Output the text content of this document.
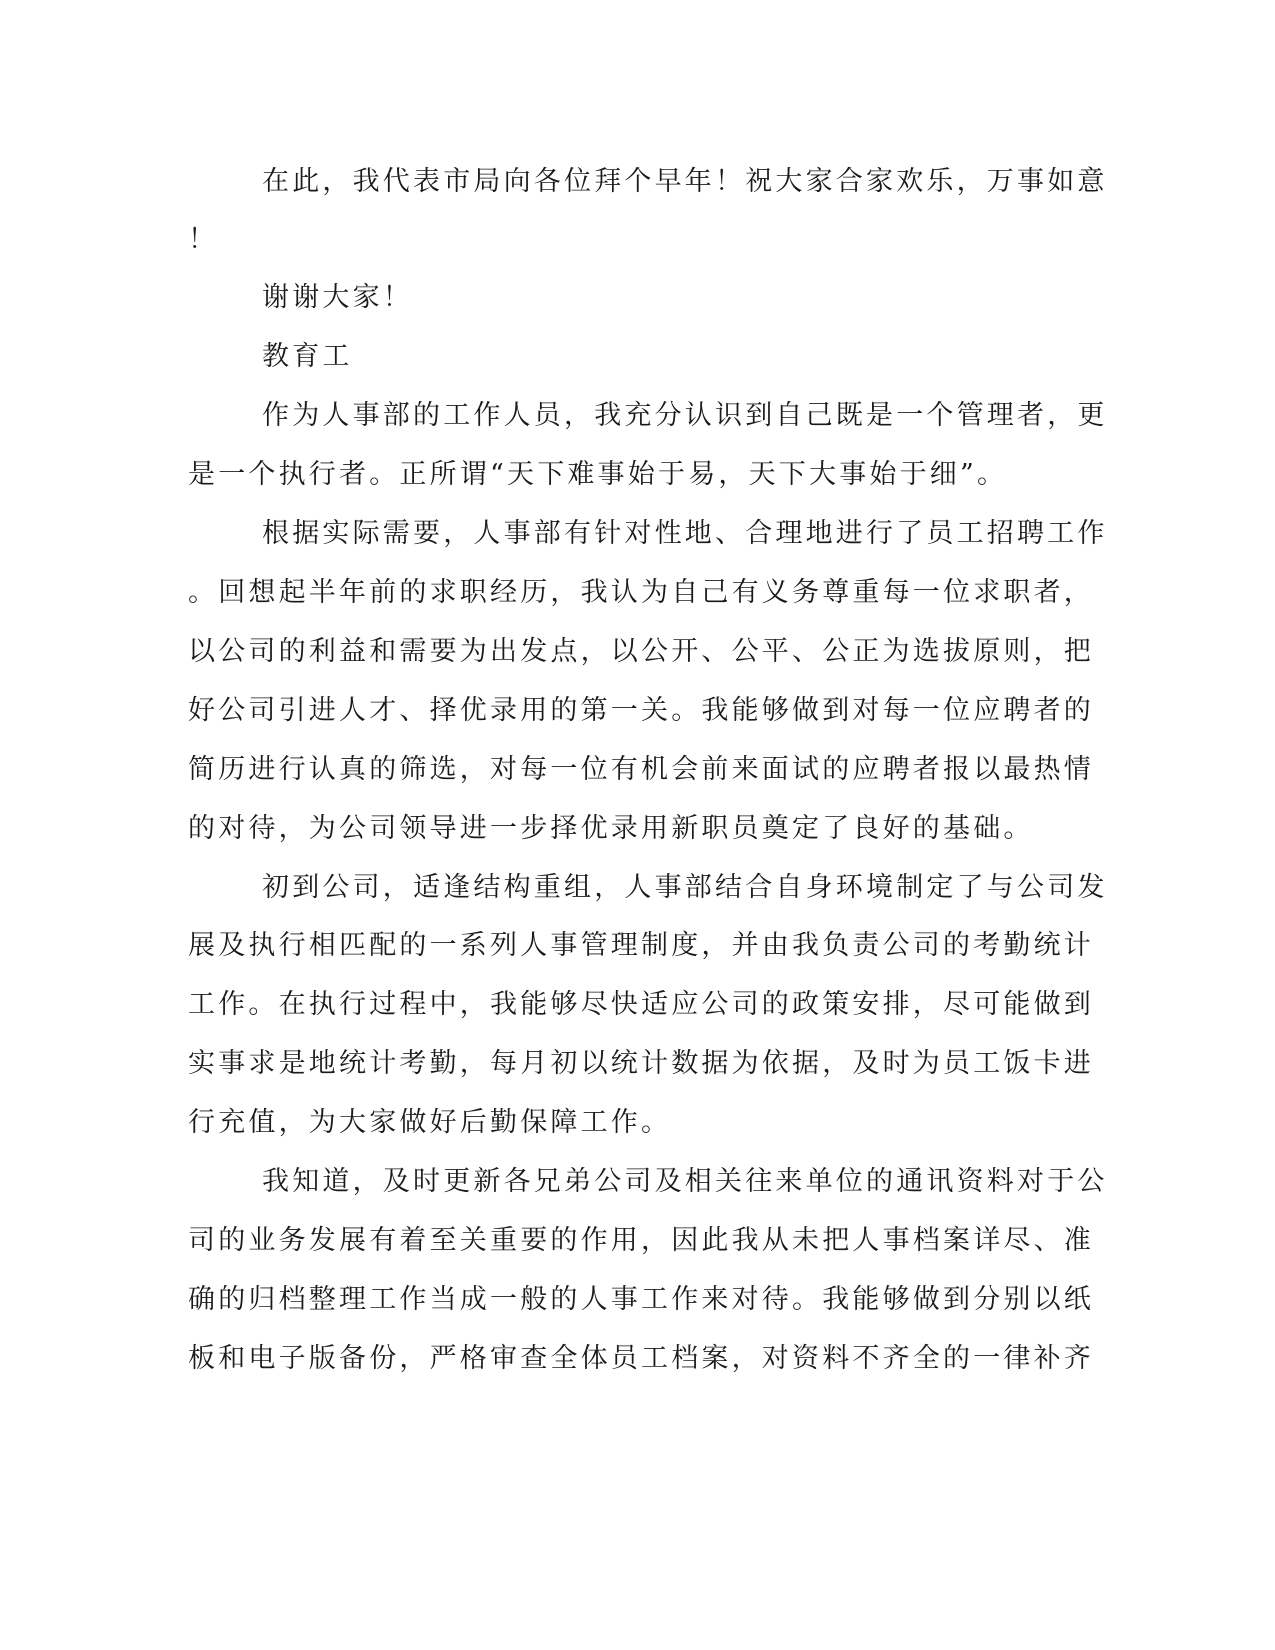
在此，我代表市局向各位拜个早年！祝大家合家欢乐，万事如意
！
谢谢大家！
教育工
作为人事部的工作人员，我充分认识到自己既是一个管理者，更
是一个执行者。正所谓“天下难事始于易，天下大事始于细”。
根据实际需要，人事部有针对性地、合理地进行了员工招聘工作
。回想起半年前的求职经历，我认为自己有义务尊重每一位求职者，
以公司的利益和需要为出发点，以公开、公平、公正为选拔原则，把
好公司引进人才、择优录用的第一关。我能够做到对每一位应聘者的
简历进行认真的筛选，对每一位有机会前来面试的应聘者报以最热情
的对待，为公司领导进一步择优录用新职员奠定了良好的基础。
初到公司，适逢结构重组，人事部结合自身环境制定了与公司发
展及执行相匹配的一系列人事管理制度，并由我负责公司的考勤统计
工作。在执行过程中，我能够尽快适应公司的政策安排，尽可能做到
实事求是地统计考勤，每月初以统计数据为依据，及时为员工饭卡进
行充值，为大家做好后勤保障工作。
我知道，及时更新各兄弟公司及相关往来单位的通讯资料对于公
司的业务发展有着至关重要的作用，因此我从未把人事档案详尽、准
确的归档整理工作当成一般的人事工作来对待。我能够做到分别以纸
板和电子版备份，严格审查全体员工档案，对资料不齐全的一律补齐
